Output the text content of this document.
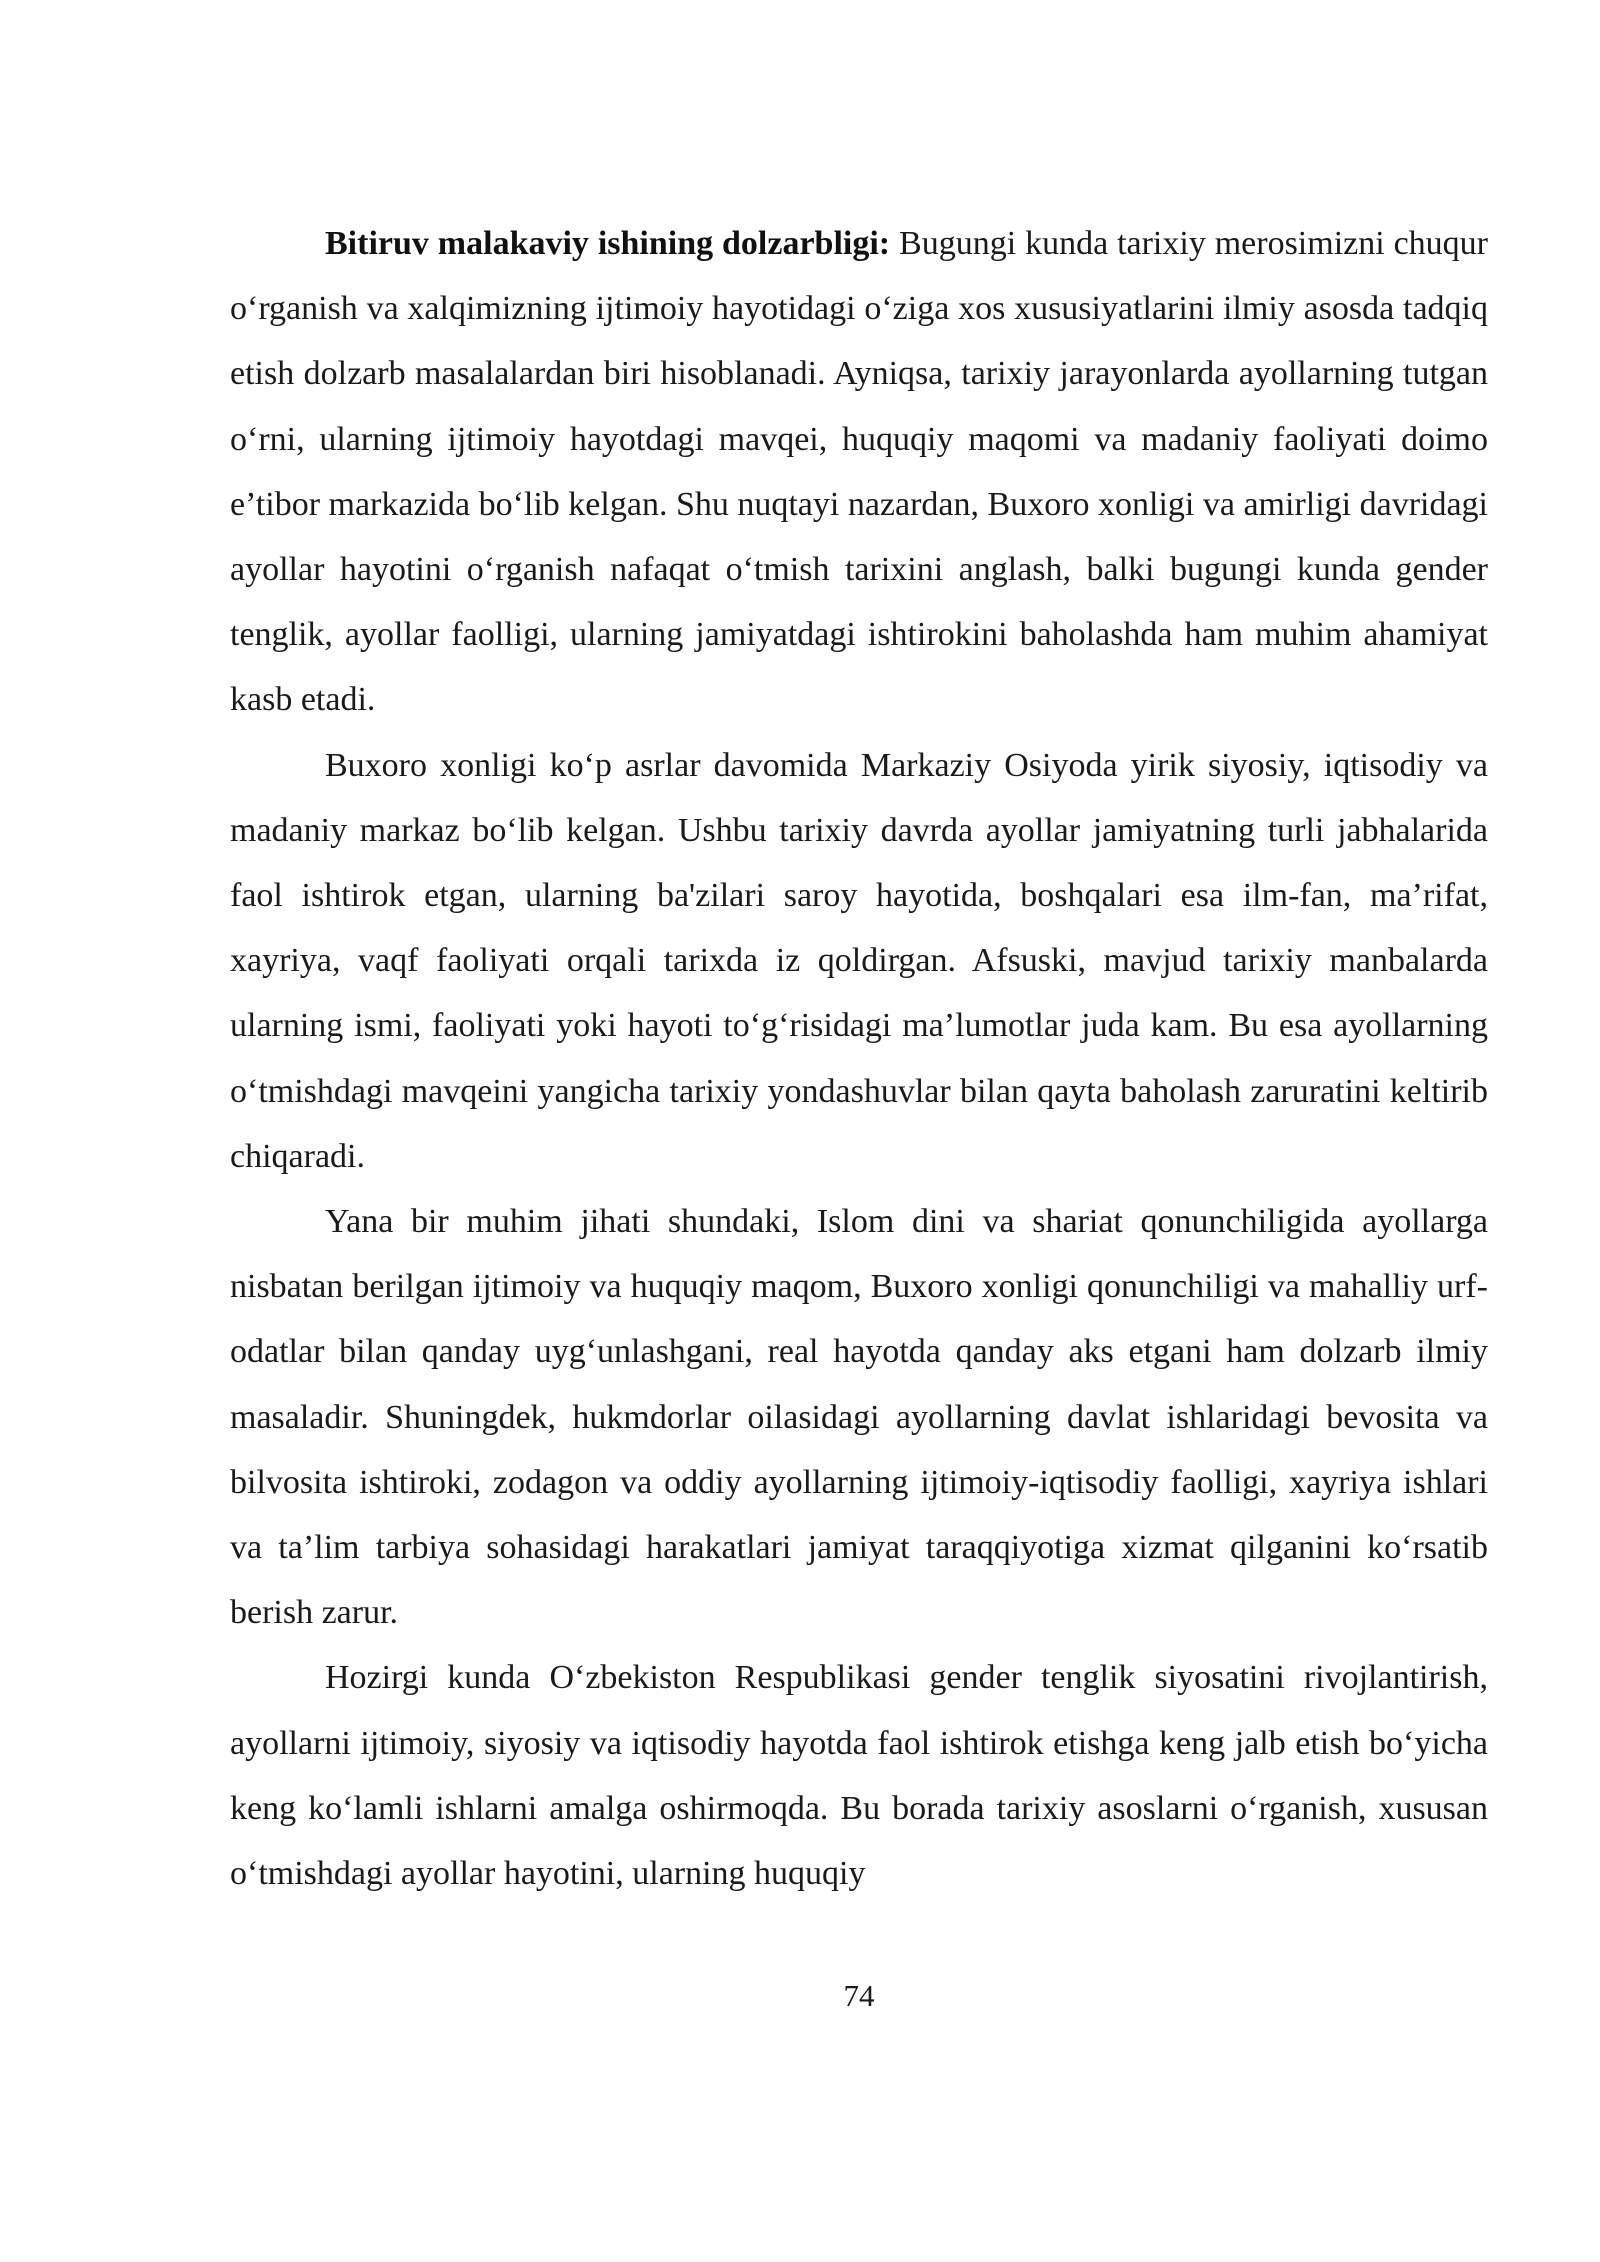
Bitiruv malakaviy ishining dolzarbligi: Bugungi kunda tarixiy merosimizni chuqur o‘rganish va xalqimizning ijtimoiy hayotidagi o‘ziga xos xususiyatlarini ilmiy asosda tadqiq etish dolzarb masalalardan biri hisoblanadi. Ayniqsa, tarixiy jarayonlarda ayollarning tutgan o‘rni, ularning ijtimoiy hayotdagi mavqei, huquqiy maqomi va madaniy faoliyati doimo e’tibor markazida bo‘lib kelgan. Shu nuqtayi nazardan, Buxoro xonligi va amirligi davridagi ayollar hayotini o‘rganish nafaqat o‘tmish tarixini anglash, balki bugungi kunda gender tenglik, ayollar faolligi, ularning jamiyatdagi ishtirokini baholashda ham muhim ahamiyat kasb etadi.

Buxoro xonligi ko‘p asrlar davomida Markaziy Osiyoda yirik siyosiy, iqtisodiy va madaniy markaz bo‘lib kelgan. Ushbu tarixiy davrda ayollar jamiyatning turli jabhalarida faol ishtirok etgan, ularning ba'zilari saroy hayotida, boshqalari esa ilm-fan, ma’rifat, xayriya, vaqf faoliyati orqali tarixda iz qoldirgan. Afsuski, mavjud tarixiy manbalarda ularning ismi, faoliyati yoki hayoti to‘g‘risidagi ma’lumotlar juda kam. Bu esa ayollarning o‘tmishdagi mavqeini yangicha tarixiy yondashuvlar bilan qayta baholash zaruratini keltirib chiqaradi.

Yana bir muhim jihati shundaki, Islom dini va shariat qonunchiligida ayollarga nisbatan berilgan ijtimoiy va huquqiy maqom, Buxoro xonligi qonunchiligi va mahalliy urf-odatlar bilan qanday uyg‘unlashgani, real hayotda qanday aks etgani ham dolzarb ilmiy masaladir. Shuningdek, hukmdorlar oilasidagi ayollarning davlat ishlaridagi bevosita va bilvosita ishtiroki, zodagon va oddiy ayollarning ijtimoiy-iqtisodiy faolligi, xayriya ishlari va ta’lim tarbiya sohasidagi harakatlari jamiyat taraqqiyotiga xizmat qilganini ko‘rsatib berish zarur.

Hozirgi kunda O‘zbekiston Respublikasi gender tenglik siyosatini rivojlantirish, ayollarni ijtimoiy, siyosiy va iqtisodiy hayotda faol ishtirok etishga keng jalb etish bo‘yicha keng ko‘lamli ishlarni amalga oshirmoqda. Bu borada tarixiy asoslarni o‘rganish, xususan o‘tmishdagi ayollar hayotini, ularning huquqiy

74
